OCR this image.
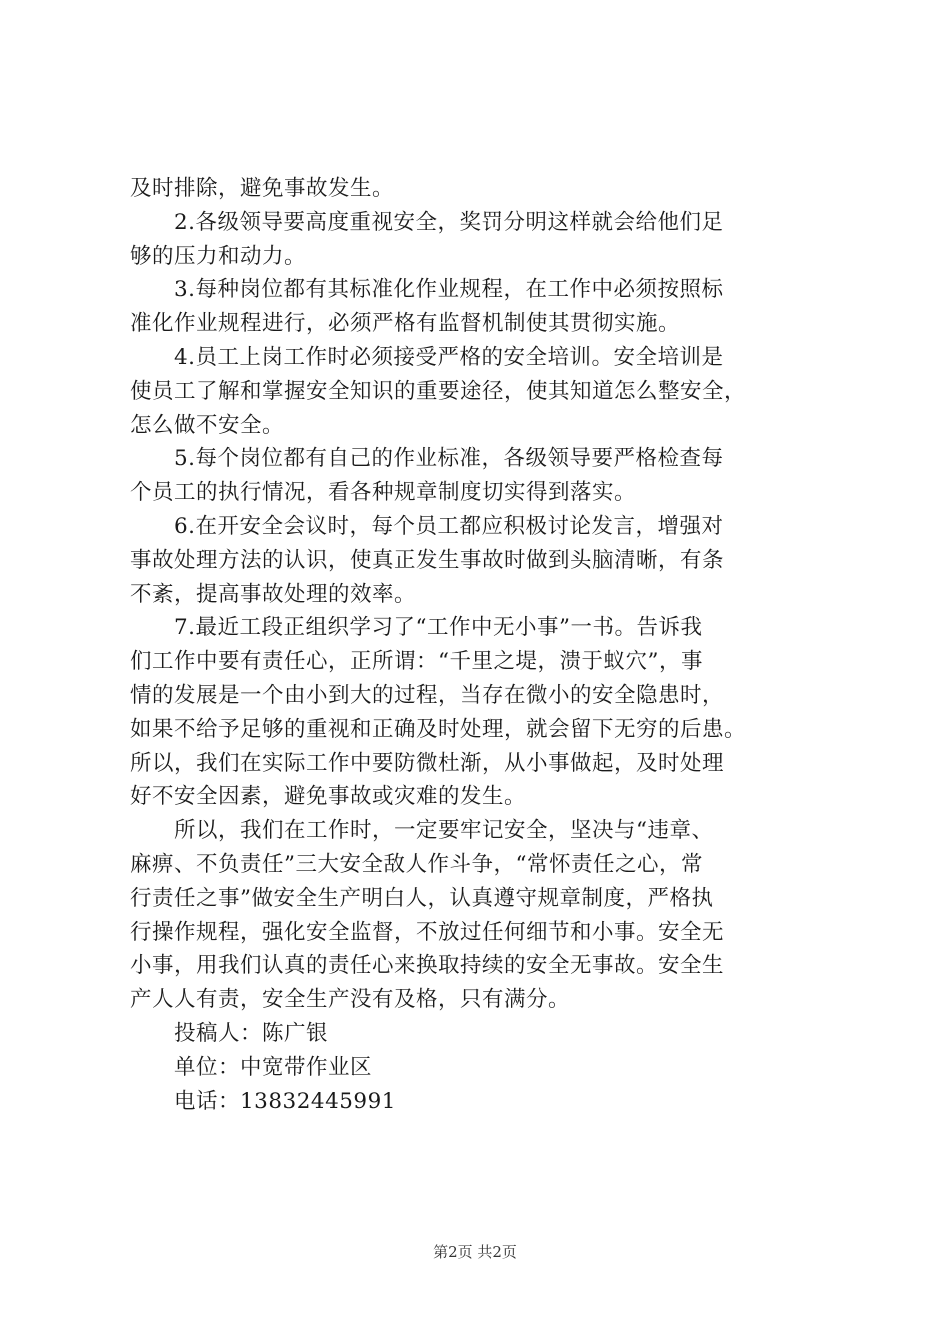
及时排除，避免事故发生。
2.各级领导要高度重视安全，奖罚分明这样就会给他们足
够的压力和动力。
3.每种岗位都有其标准化作业规程，在工作中必须按照标
准化作业规程进行，必须严格有监督机制使其贯彻实施。
4.员工上岗工作时必须接受严格的安全培训。安全培训是
使员工了解和掌握安全知识的重要途径，使其知道怎么整安全，
怎么做不安全。
5.每个岗位都有自己的作业标准，各级领导要严格检查每
个员工的执行情况，看各种规章制度切实得到落实。
6.在开安全会议时，每个员工都应积极讨论发言，增强对
事故处理方法的认识，使真正发生事故时做到头脑清晰，有条
不紊，提高事故处理的效率。
7.最近工段正组织学习了“工作中无小事”一书。告诉我
们工作中要有责任心，正所谓：“千里之堤，溃于蚁穴”，事
情的发展是一个由小到大的过程，当存在微小的安全隐患时，
如果不给予足够的重视和正确及时处理，就会留下无穷的后患。
所以，我们在实际工作中要防微杜渐，从小事做起，及时处理
好不安全因素，避免事故或灾难的发生。
所以，我们在工作时，一定要牢记安全，坚决与“违章、
麻痹、不负责任”三大安全敌人作斗争，“常怀责任之心，常
行责任之事”做安全生产明白人，认真遵守规章制度，严格执
行操作规程，强化安全监督，不放过任何细节和小事。安全无
小事，用我们认真的责任心来换取持续的安全无事故。安全生
产人人有责，安全生产没有及格，只有满分。
投稿人：陈广银
单位：中宽带作业区
电话：13832445991
第2页 共2页
